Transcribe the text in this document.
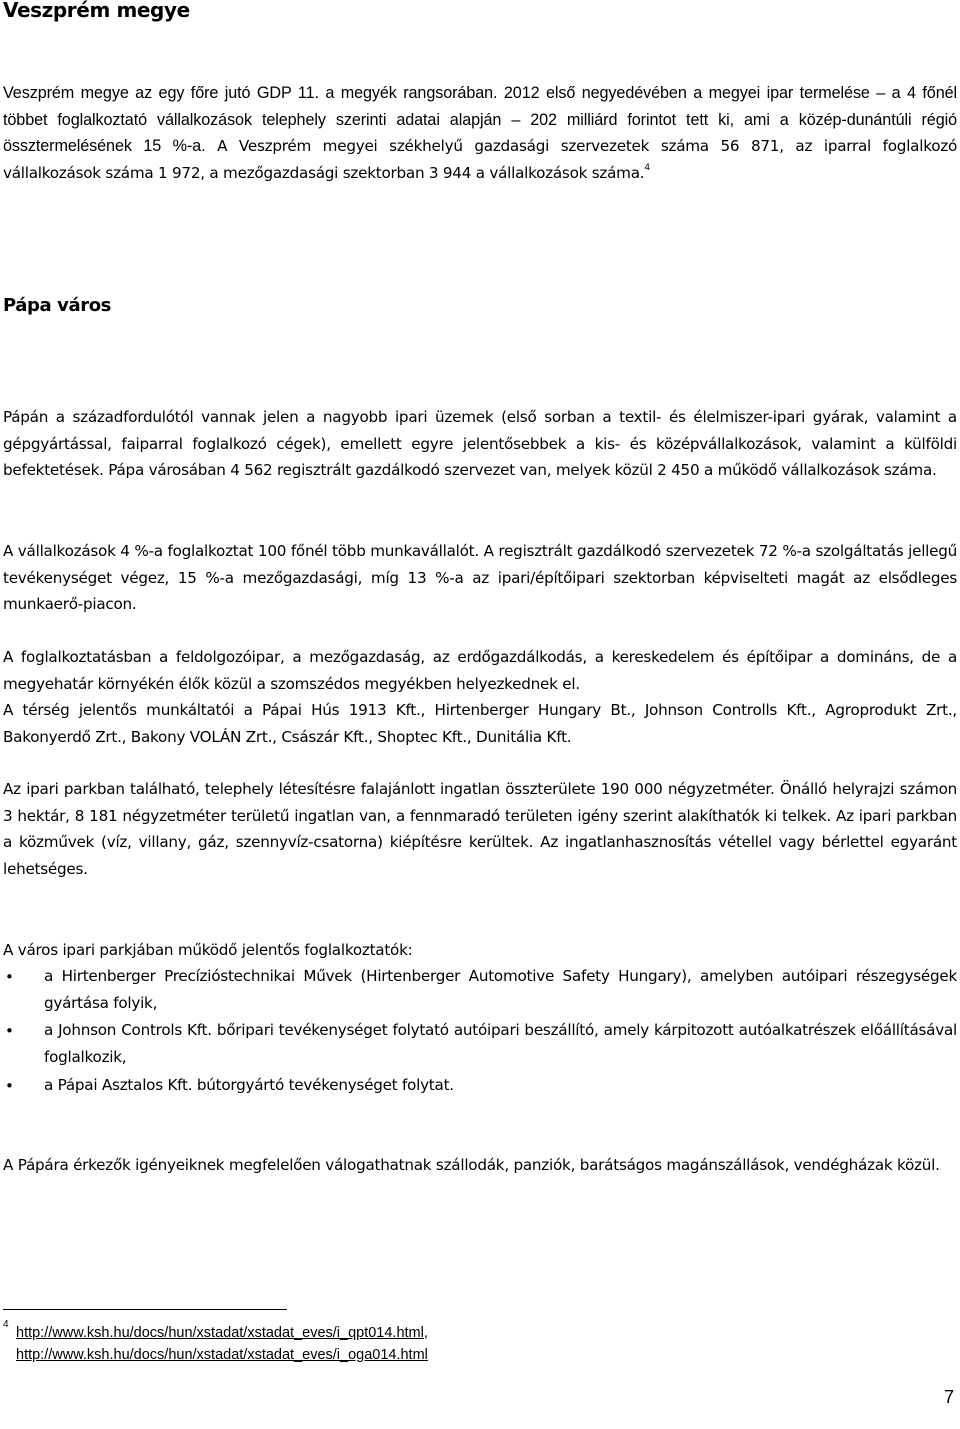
Veszprém megye

Veszprém megye az egy főre jutó GDP 11. a megyék rangsorában. 2012 első negyedévében a megyei ipar termelése – a 4 főnél többet foglalkoztató vállalkozások telephely szerinti adatai alapján – 202 milliárd forintot tett ki, ami a közép-dunántúli régió össztermelésének 15 %-a. A Veszprém megyei székhelyű gazdasági szervezetek száma 56 871, az iparral foglalkozó vállalkozások száma 1 972, a mezőgazdasági szektorban 3 944 a vállalkozások száma.$^4$

Pápa város

Pápán a századfordulótól vannak jelen a nagyobb ipari üzemek (első sorban a textil- és élelmiszer-ipari gyárak, valamint a gépgyártással, faiparral foglalkozó cégek), emellett egyre jelentősebbek a kis- és középvállalkozások, valamint a külföldi befektetések. Pápa városában 4 562 regisztrált gazdálkodó szervezet van, melyek közül 2 450 a működő vállalkozások száma.

A vállalkozások 4 %-a foglalkoztat 100 főnél több munkavállalót. A regisztrált gazdálkodó szervezetek 72 %-a szolgáltatás jellegű tevékenységet végez, 15 %-a mezőgazdasági, míg 13 %-a az ipari/építőipari szektorban képviselteti magát az elsődleges munkaerő-piacon.

A foglalkoztatásban a feldolgozóipar, a mezőgazdaság, az erdőgazdálkodás, a kereskedelem és építőipar a domináns, de a megyehatár környékén élők közül a szomszédos megyékben helyezkednek el.

A térség jelentős munkáltatói a Pápai Hús 1913 Kft., Hirtenberger Hungary Bt., Johnson Controlls Kft., Agroprodukt Zrt., Bakonyerdő Zrt., Bakony VOLÁN Zrt., Császár Kft., Shoptec Kft., Dunitália Kft.

Az ipari parkban található, telephely létesítésre falajánlott ingatlan összterülete 190 000 négyzetméter. Önálló helyrajzi számon 3 hektár, 8 181 négyzetméter területű ingatlan van, a fennmaradó területen igény szerint alakíthatók ki telkek. Az ipari parkban a közművek (víz, villany, gáz, szennyvíz-csatorna) kiépítésre kerültek. Az ingatlanhasznosítás vétellel vagy bérlettel egyaránt lehetséges.

A város ipari parkjában működő jelentős foglalkoztatók:

• a Hirtenberger Precízióstechnikai Művek (Hirtenberger Automotive Safety Hungary), amelyben autóipari részegységek gyártása folyik,
• a Johnson Controls Kft. bőripari tevékenységet folytató autóipari beszállító, amely kárpitozott autóalkatrészek előállításával foglalkozik,
• a Pápai Asztalos Kft. bútorgyártó tevékenységet folytat.

A Pápára érkezők igényeiknek megfelelően válogathatnak szállodák, panziók, barátságos magánszállások, vendégházak közül.

4
http://www.ksh.hu/docs/hun/xstadat/xstadat_eves/i_qpt014.html,
http://www.ksh.hu/docs/hun/xstadat/xstadat_eves/i_oga014.html
7
